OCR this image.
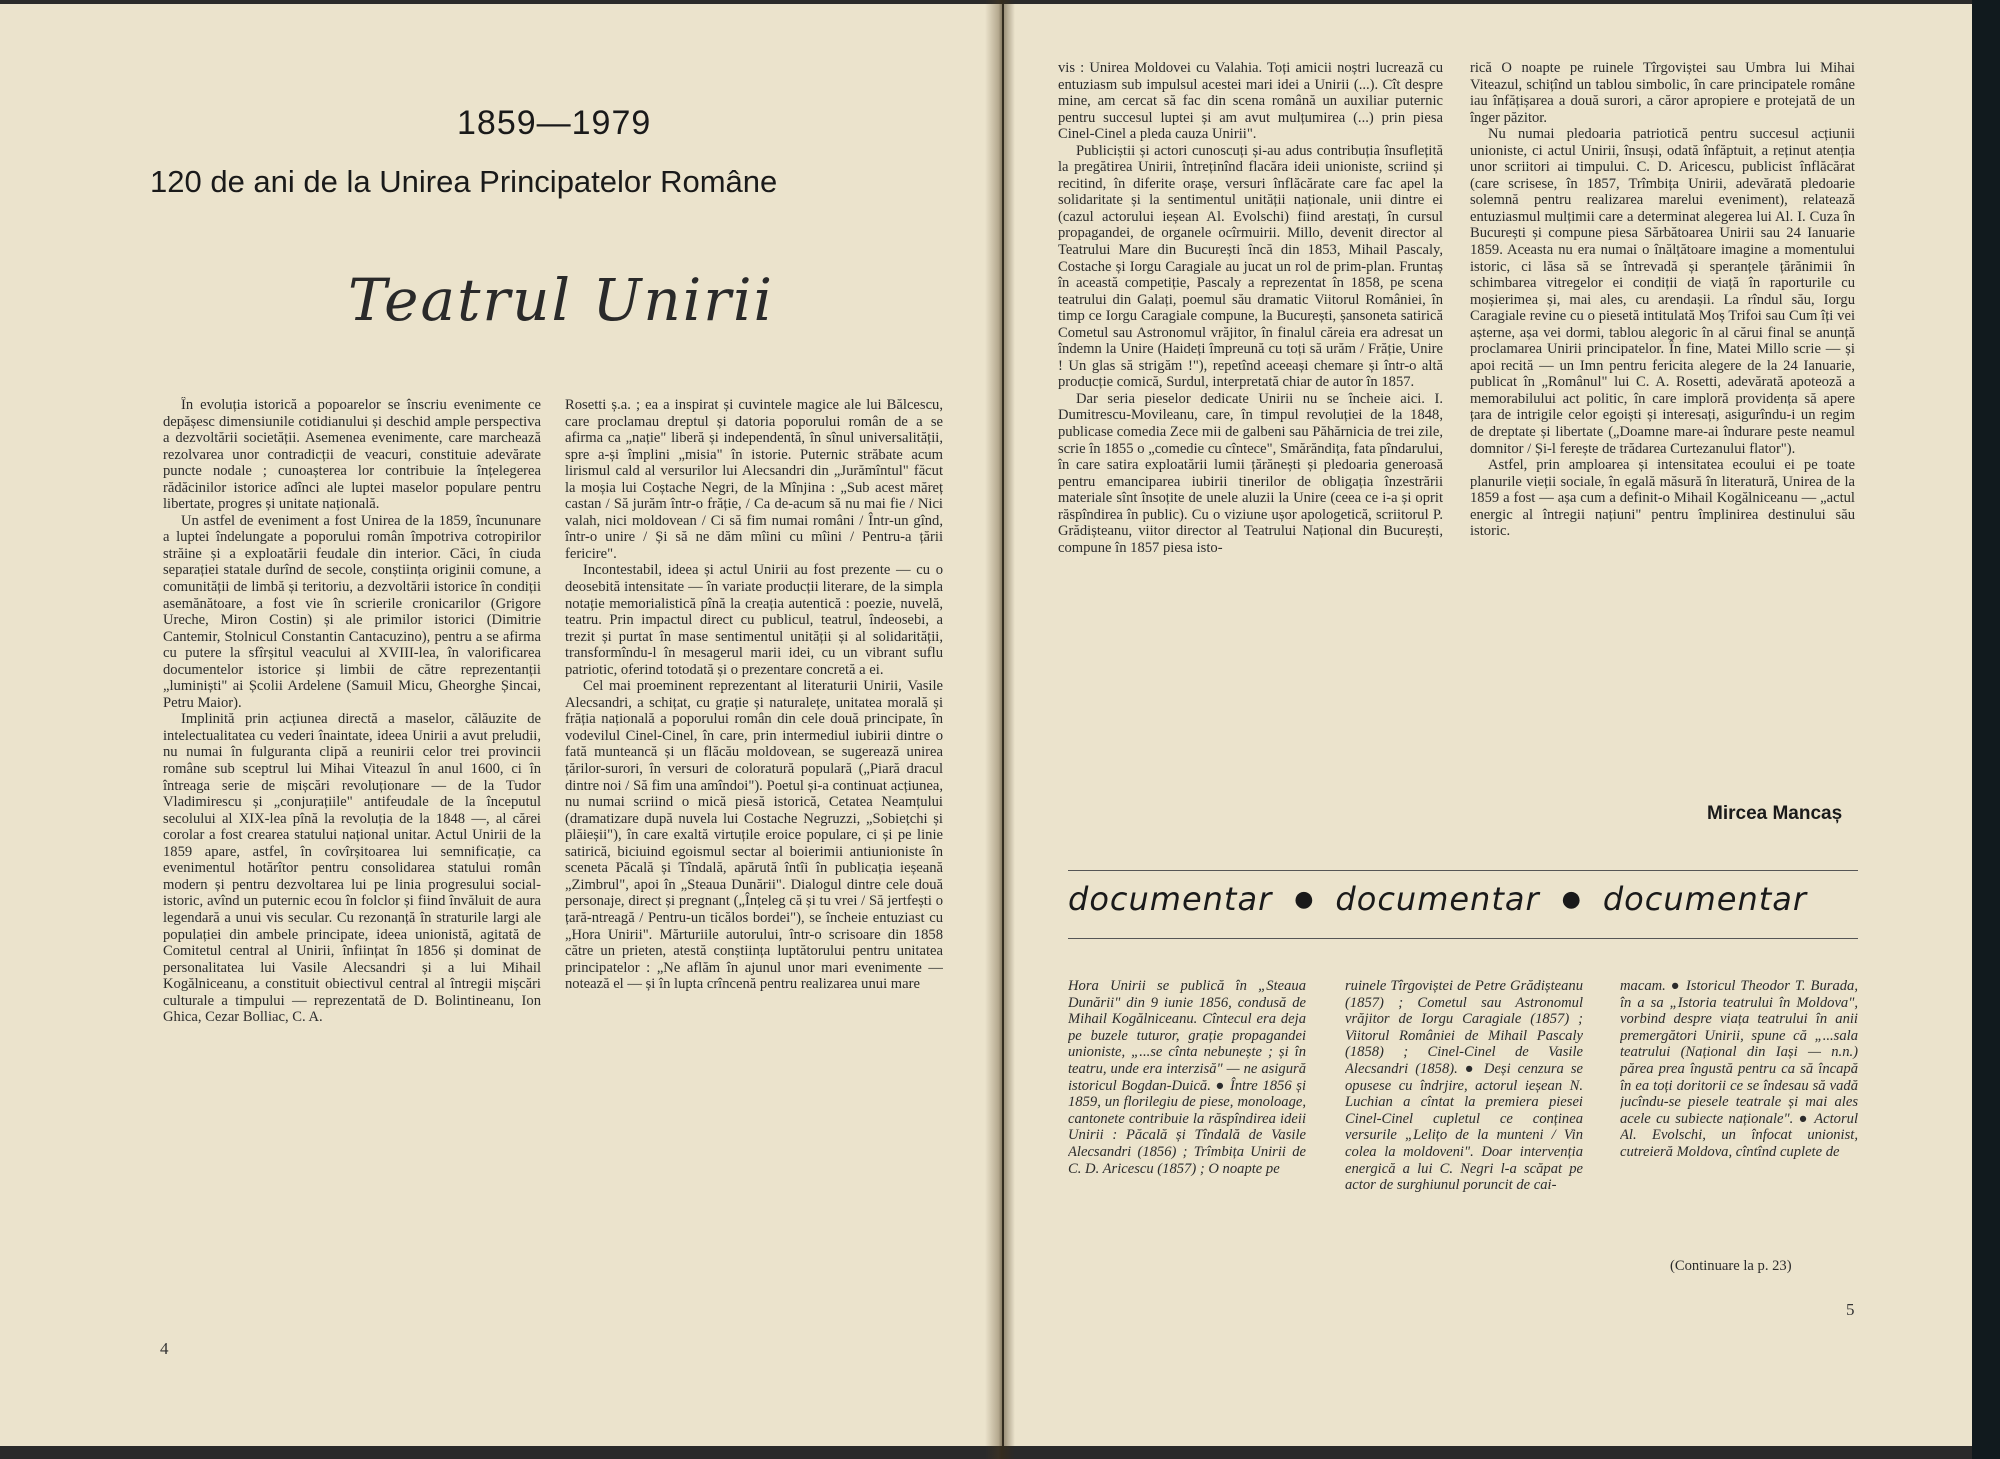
1859—1979
120 de ani de la Unirea Principatelor Române
Teatrul Unirii

În evoluția istorică a popoarelor se înscriu evenimente ce depășesc dimensiunile cotidianului și deschid ample perspectiva a dezvoltării societății. Asemenea evenimente, care marchează rezolvarea unor contradicții de veacuri, constituie adevărate puncte nodale ; cunoașterea lor contribuie la înțelegerea rădăcinilor istorice adînci ale luptei maselor populare pentru libertate, progres și unitate națională.

Un astfel de eveniment a fost Unirea de la 1859, încununare a luptei îndelungate a poporului român împotriva cotropirilor străine și a exploatării feudale din interior. Căci, în ciuda separației statale durînd de secole, conștiința originii comune, a comunității de limbă și teritoriu, a dezvoltării istorice în condiții asemănătoare, a fost vie în scrierile cronicarilor (Grigore Ureche, Miron Costin) și ale primilor istorici (Dimitrie Cantemir, Stolnicul Constantin Cantacuzino), pentru a se afirma cu putere la sfîrșitul veacului al XVIII-lea, în valorificarea documentelor istorice și limbii de către reprezentanții „luminiști" ai Școlii Ardelene (Samuil Micu, Gheorghe Șincai, Petru Maior).

Implinită prin acțiunea directă a maselor, călăuzite de intelectualitatea cu vederi înaintate, ideea Unirii a avut preludii, nu numai în fulguranta clipă a reunirii celor trei provincii române sub sceptrul lui Mihai Viteazul în anul 1600, ci în întreaga serie de mișcări revoluționare — de la Tudor Vladimirescu și „conjurațiile" antifeudale de la începutul secolului al XIX-lea pînă la revoluția de la 1848 —, al cărei corolar a fost crearea statului național unitar. Actul Unirii de la 1859 apare, astfel, în covîrșitoarea lui semnificație, ca evenimentul hotărîtor pentru consolidarea statului român modern și pentru dezvoltarea lui pe linia progresului social-istoric, avînd un puternic ecou în folclor și fiind învăluit de aura legendară a unui vis secular. Cu rezonanță în straturile largi ale populației din ambele principate, ideea unionistă, agitată de Comitetul central al Unirii, înființat în 1856 și dominat de personalitatea lui Vasile Alecsandri și a lui Mihail Kogălniceanu, a constituit obiectivul central al întregii mișcări culturale a timpului — reprezentată de D. Bolintineanu, Ion Ghica, Cezar Bolliac, C. A.

Rosetti ș.a. ; ea a inspirat și cuvintele magice ale lui Bălcescu, care proclamau dreptul și datoria poporului român de a se afirma ca „nație" liberă și independentă, în sînul universalității, spre a-și împlini „misia" în istorie. Puternic străbate acum lirismul cald al versurilor lui Alecsandri din „Jurămîntul" făcut la moșia lui Coștache Negri, de la Mînjina : „Sub acest măreț castan / Să jurăm într-o frăție, / Ca de-acum să nu mai fie / Nici valah, nici moldovean / Ci să fim numai români / Într-un gînd, într-o unire / Și să ne dăm mîini cu mîini / Pentru-a țării fericire".

Incontestabil, ideea și actul Unirii au fost prezente — cu o deosebită intensitate — în variate producții literare, de la simpla notație memorialistică pînă la creația autentică : poezie, nuvelă, teatru. Prin impactul direct cu publicul, teatrul, îndeosebi, a trezit și purtat în mase sentimentul unității și al solidarității, transformîndu-l în mesagerul marii idei, cu un vibrant suflu patriotic, oferind totodată și o prezentare concretă a ei.

Cel mai proeminent reprezentant al literaturii Unirii, Vasile Alecsandri, a schițat, cu grație și naturalețe, unitatea morală și frăția națională a poporului român din cele două principate, în vodevilul Cinel-Cinel, în care, prin intermediul iubirii dintre o fată munteancă și un flăcău moldovean, se sugerează unirea țărilor-surori, în versuri de coloratură populară („Piară dracul dintre noi / Să fim una amîndoi"). Poetul și-a continuat acțiunea, nu numai scriind o mică piesă istorică, Cetatea Neamțului (dramatizare după nuvela lui Costache Negruzzi, „Sobiețchi și plăieșii"), în care exaltă virtuțile eroice populare, ci și pe linie satirică, biciuind egoismul sectar al boierimii antiunioniste în sceneta Păcală și Tîndală, apărută întîi în publicația ieșeană „Zimbrul", apoi în „Steaua Dunării". Dialogul dintre cele două personaje, direct și pregnant („Înțeleg că și tu vrei / Să jertfești o țară-ntreagă / Pentru-un ticălos bordei"), se încheie entuziast cu „Hora Unirii". Mărturiile autorului, într-o scrisoare din 1858 către un prieten, atestă conștiința luptătorului pentru unitatea principatelor : „Ne aflăm în ajunul unor mari evenimente — notează el — și în lupta crîncenă pentru realizarea unui mare

4

vis : Unirea Moldovei cu Valahia. Toți amicii noștri lucrează cu entuziasm sub impulsul acestei mari idei a Unirii (...). Cît despre mine, am cercat să fac din scena română un auxiliar puternic pentru succesul luptei și am avut mulțumirea (...) prin piesa Cinel-Cinel a pleda cauza Unirii".

Publiciștii și actori cunoscuți și-au adus contribuția însuflețită la pregătirea Unirii, întreținînd flacăra ideii unioniste, scriind și recitind, în diferite orașe, versuri înflăcărate care fac apel la solidaritate și la sentimentul unității naționale, unii dintre ei (cazul actorului ieșean Al. Evolschi) fiind arestați, în cursul propagandei, de organele ocîrmuirii. Millo, devenit director al Teatrului Mare din București încă din 1853, Mihail Pascaly, Costache și Iorgu Caragiale au jucat un rol de prim-plan. Fruntaș în această competiție, Pascaly a reprezentat în 1858, pe scena teatrului din Galați, poemul său dramatic Viitorul României, în timp ce Iorgu Caragiale compune, la București, șansoneta satirică Cometul sau Astronomul vrăjitor, în finalul căreia era adresat un îndemn la Unire (Haideți împreună cu toți să urăm / Frăție, Unire ! Un glas să strigăm !"), repetînd aceeași chemare și într-o altă producție comică, Surdul, interpretată chiar de autor în 1857.

Dar seria pieselor dedicate Unirii nu se încheie aici. I. Dumitrescu-Movileanu, care, în timpul revoluției de la 1848, publicase comedia Zece mii de galbeni sau Păhărnicia de trei zile, scrie în 1855 o „comedie cu cîntece", Smărăndița, fata pîndarului, în care satira exploatării lumii țărănești și pledoaria generoasă pentru emanciparea iubirii tinerilor de obligația înzestrării materiale sînt însoțite de unele aluzii la Unire (ceea ce i-a și oprit răspîndirea în public). Cu o viziune ușor apologetică, scriitorul P. Grădișteanu, viitor director al Teatrului Național din București, compune în 1857 piesa isto-

rică O noapte pe ruinele Tîrgoviștei sau Umbra lui Mihai Viteazul, schițînd un tablou simbolic, în care principatele române iau înfățișarea a două surori, a căror apropiere e protejată de un înger păzitor.

Nu numai pledoaria patriotică pentru succesul acțiunii unioniste, ci actul Unirii, însuși, odată înfăptuit, a reținut atenția unor scriitori ai timpului. C. D. Aricescu, publicist înflăcărat (care scrisese, în 1857, Trîmbița Unirii, adevărată pledoarie solemnă pentru realizarea marelui eveniment), relatează entuziasmul mulțimii care a determinat alegerea lui Al. I. Cuza în București și compune piesa Sărbătoarea Unirii sau 24 Ianuarie 1859. Aceasta nu era numai o înălțătoare imagine a momentului istoric, ci lăsa să se întrevadă și speranțele țărănimii în schimbarea vitregelor ei condiții de viață în raporturile cu moșierimea și, mai ales, cu arendașii. La rîndul său, Iorgu Caragiale revine cu o piesetă intitulată Moș Trifoi sau Cum îți vei așterne, așa vei dormi, tablou alegoric în al cărui final se anunță proclamarea Unirii principatelor. În fine, Matei Millo scrie — și apoi recită — un Imn pentru fericita alegere de la 24 Ianuarie, publicat în „Românul" lui C. A. Rosetti, adevărată apoteoză a memorabilului act politic, în care imploră providența să apere țara de intrigile celor egoiști și interesați, asigurîndu-i un regim de dreptate și libertate („Doamne mare-ai îndurare peste neamul domnitor / Și-l ferește de trădarea Curtezanului flator").

Astfel, prin amploarea și intensitatea ecoului ei pe toate planurile vieții sociale, în egală măsură în literatură, Unirea de la 1859 a fost — așa cum a definit-o Mihail Kogălniceanu — „actul energic al întregii națiuni" pentru împlinirea destinului său istoric.

Mircea Mancaș
documentar ● documentar ● documentar

Hora Unirii se publică în „Steaua Dunării" din 9 iunie 1856, condusă de Mihail Kogălniceanu. Cîntecul era deja pe buzele tuturor, grație propagandei unioniste, „...se cînta nebunește ; și în teatru, unde era interzisă" — ne asigură istoricul Bogdan-Duică. ● Între 1856 și 1859, un florilegiu de piese, monoloage, cantonete contribuie la răspîndirea ideii Unirii : Păcală și Tîndală de Vasile Alecsandri (1856) ; Trîmbița Unirii de C. D. Aricescu (1857) ; O noapte pe

ruinele Tîrgoviștei de Petre Grădișteanu (1857) ; Cometul sau Astronomul vrăjitor de Iorgu Caragiale (1857) ; Viitorul României de Mihail Pascaly (1858) ; Cinel-Cinel de Vasile Alecsandri (1858). ● Deși cenzura se opusese cu îndrjire, actorul ieșean N. Luchian a cîntat la premiera piesei Cinel-Cinel cupletul ce conținea versurile „Lelițo de la munteni / Vin colea la moldoveni". Doar intervenția energică a lui C. Negri l-a scăpat pe actor de surghiunul poruncit de cai-

macam. ● Istoricul Theodor T. Burada, în a sa „Istoria teatrului în Moldova", vorbind despre viața teatrului în anii premergători Unirii, spune că „...sala teatrului (Național din Iași — n.n.) părea prea îngustă pentru ca să încapă în ea toți doritorii ce se îndesau să vadă jucîndu-se piesele teatrale și mai ales acele cu subiecte naționale". ● Actorul Al. Evolschi, un înfocat unionist, cutreieră Moldova, cîntînd cuplete de

(Continuare la p. 23)
5
